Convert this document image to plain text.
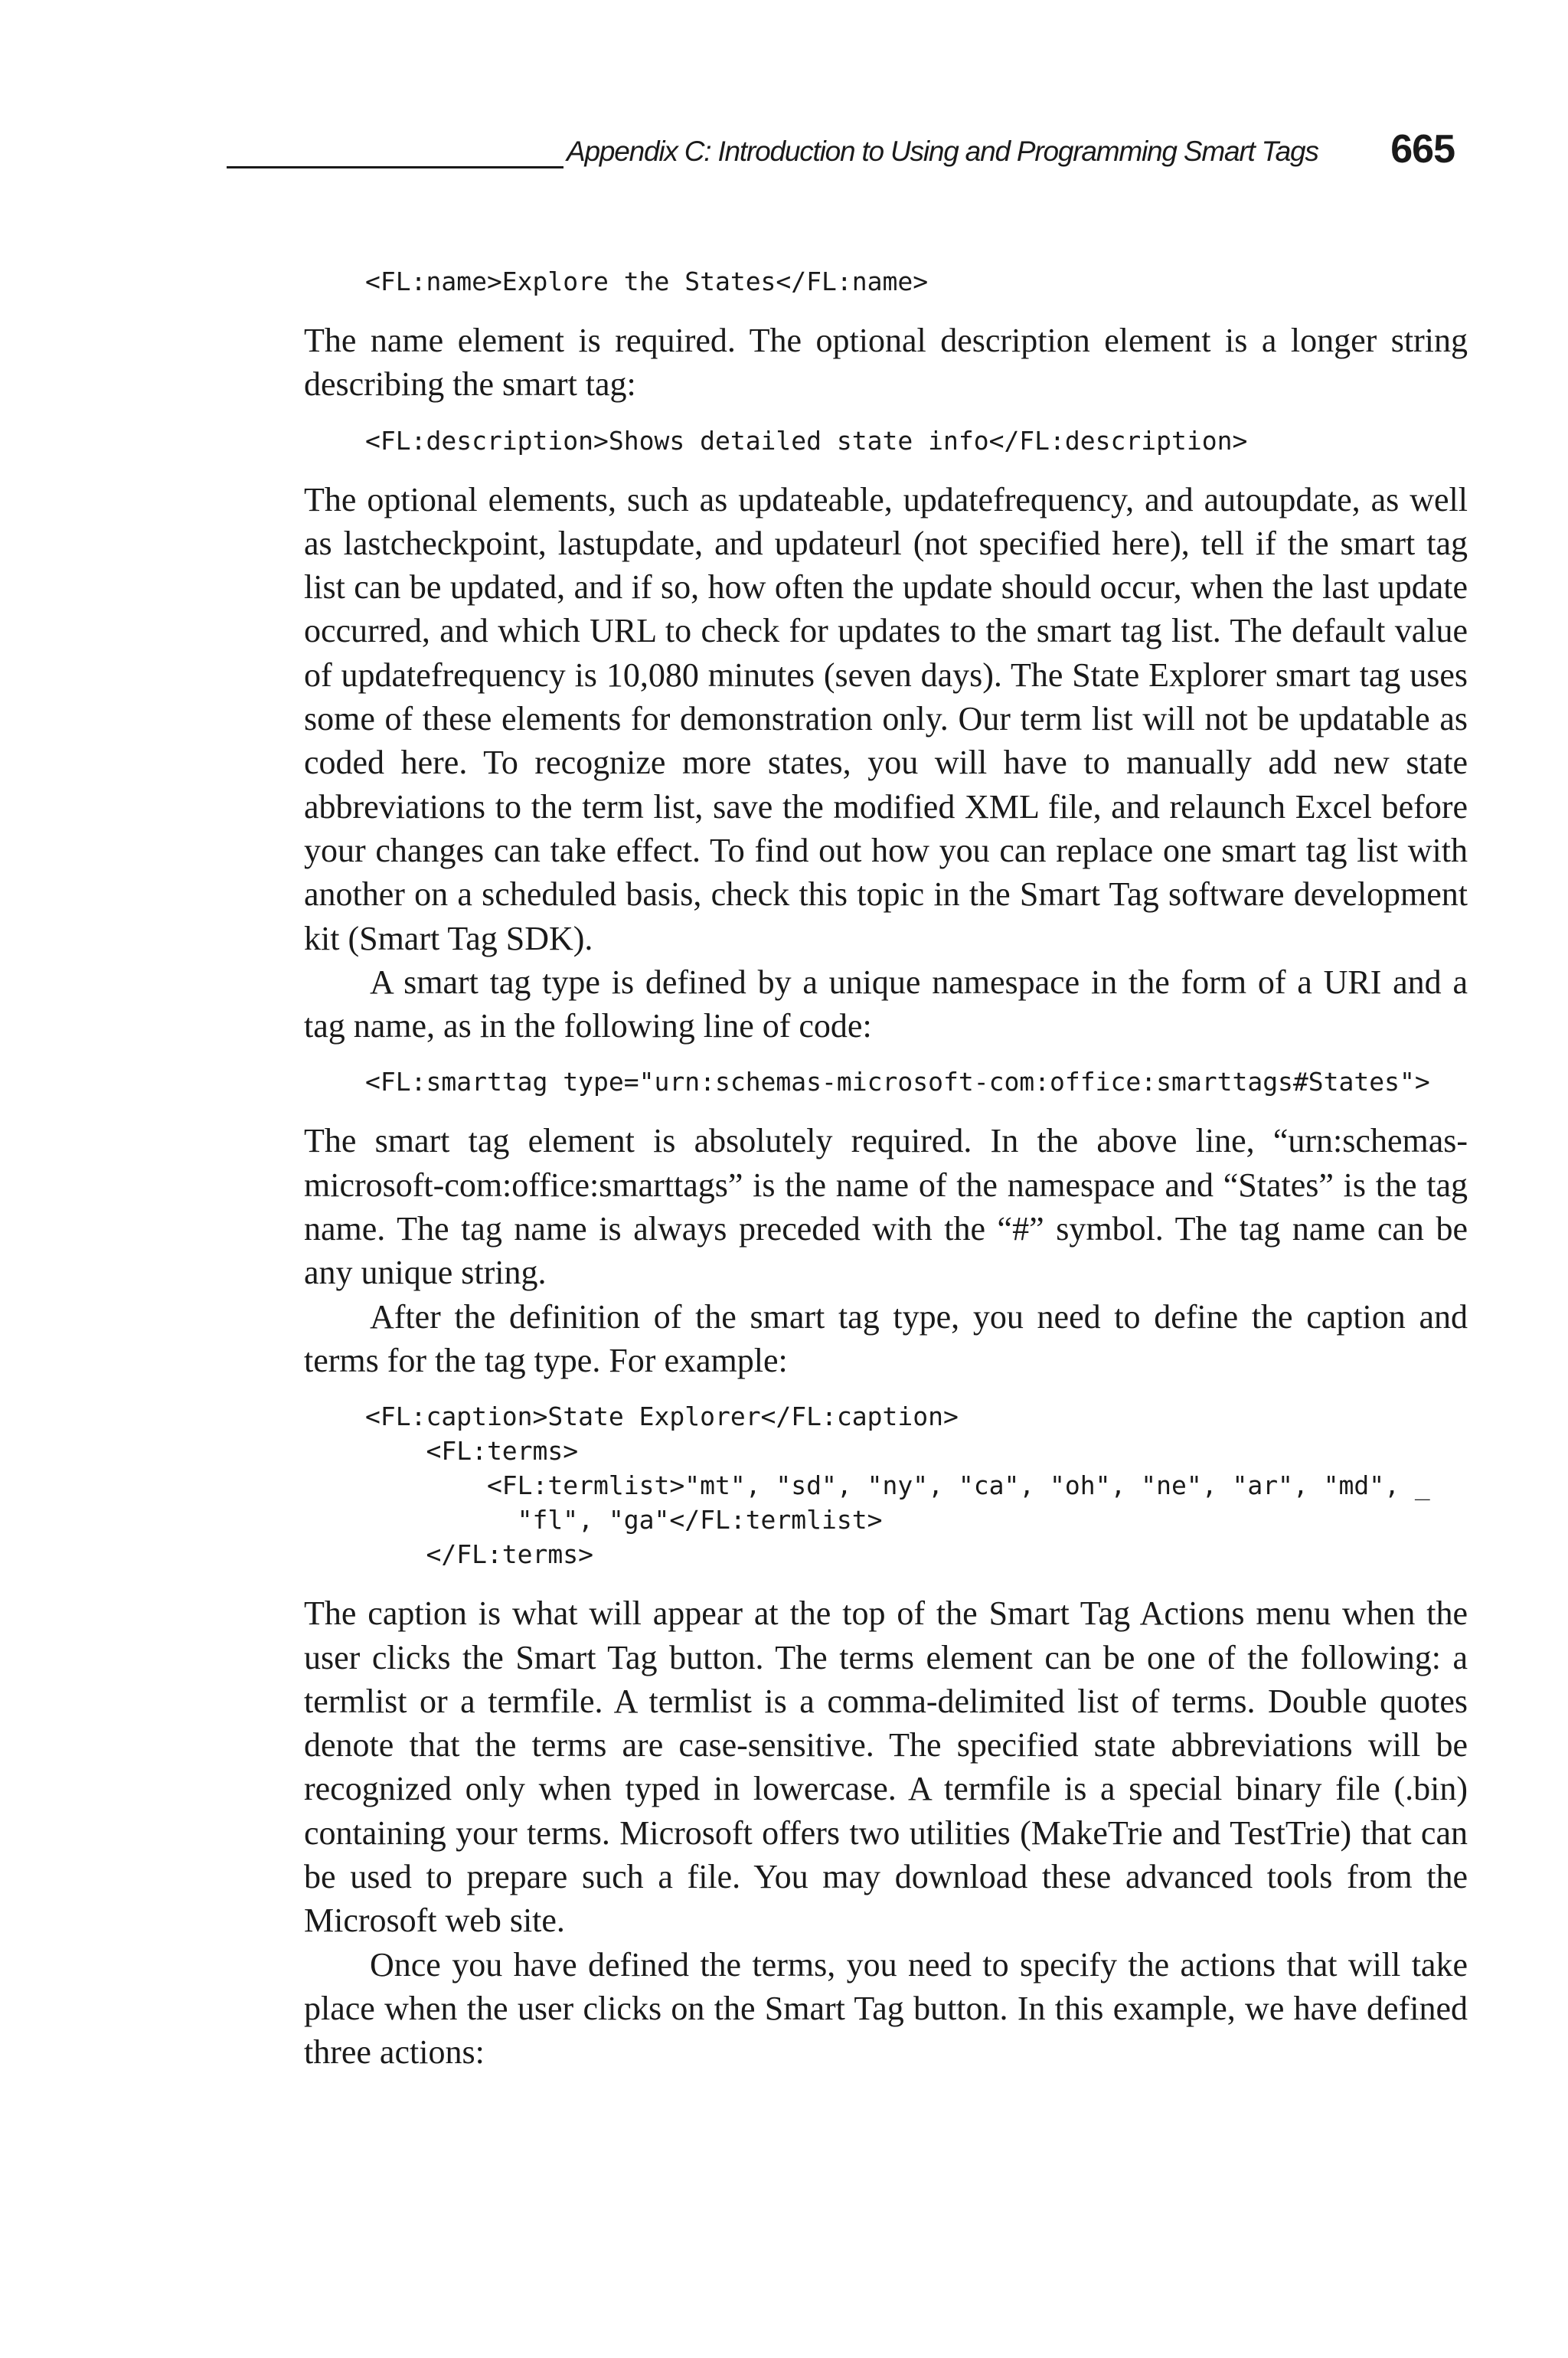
Appendix C: Introduction to Using and Programming Smart Tags 665
<FL:name>Explore the States</FL:name>

The name element is required. The optional description element is a longer string describing the smart tag:

<FL:description>Shows detailed state info</FL:description>

The optional elements, such as updateable, updatefrequency, and autoupdate, as well as lastcheckpoint, lastupdate, and updateurl (not specified here), tell if the smart tag list can be updated, and if so, how often the update should occur, when the last update occurred, and which URL to check for updates to the smart tag list. The default value of updatefrequency is 10,080 minutes (seven days). The State Explorer smart tag uses some of these elements for demonstration only. Our term list will not be updatable as coded here. To recognize more states, you will have to manually add new state abbreviations to the term list, save the modified XML file, and relaunch Excel before your changes can take effect. To find out how you can replace one smart tag list with another on a scheduled basis, check this topic in the Smart Tag software development kit (Smart Tag SDK).

A smart tag type is defined by a unique namespace in the form of a URI and a tag name, as in the following line of code:

<FL:smarttag type="urn:schemas-microsoft-com:office:smarttags#States">

The smart tag element is absolutely required. In the above line, “urn:schemas-microsoft-com:office:smarttags” is the name of the namespace and “States” is the tag name. The tag name is always preceded with the “#” symbol. The tag name can be any unique string.

After the definition of the smart tag type, you need to define the caption and terms for the tag type. For example:

<FL:caption>State Explorer</FL:caption>
<FL:terms>
<FL:termlist>"mt", "sd", "ny", "ca", "oh", "ne", "ar", "md", _
"fl", "ga"</FL:termlist>
</FL:terms>

The caption is what will appear at the top of the Smart Tag Actions menu when the user clicks the Smart Tag button. The terms element can be one of the following: a termlist or a termfile. A termlist is a comma-delimited list of terms. Double quotes denote that the terms are case-sensitive. The specified state abbreviations will be recognized only when typed in lowercase. A termfile is a special binary file (.bin) containing your terms. Microsoft offers two utilities (MakeTrie and TestTrie) that can be used to prepare such a file. You may download these advanced tools from the Microsoft web site.

Once you have defined the terms, you need to specify the actions that will take place when the user clicks on the Smart Tag button. In this example, we have defined three actions:
